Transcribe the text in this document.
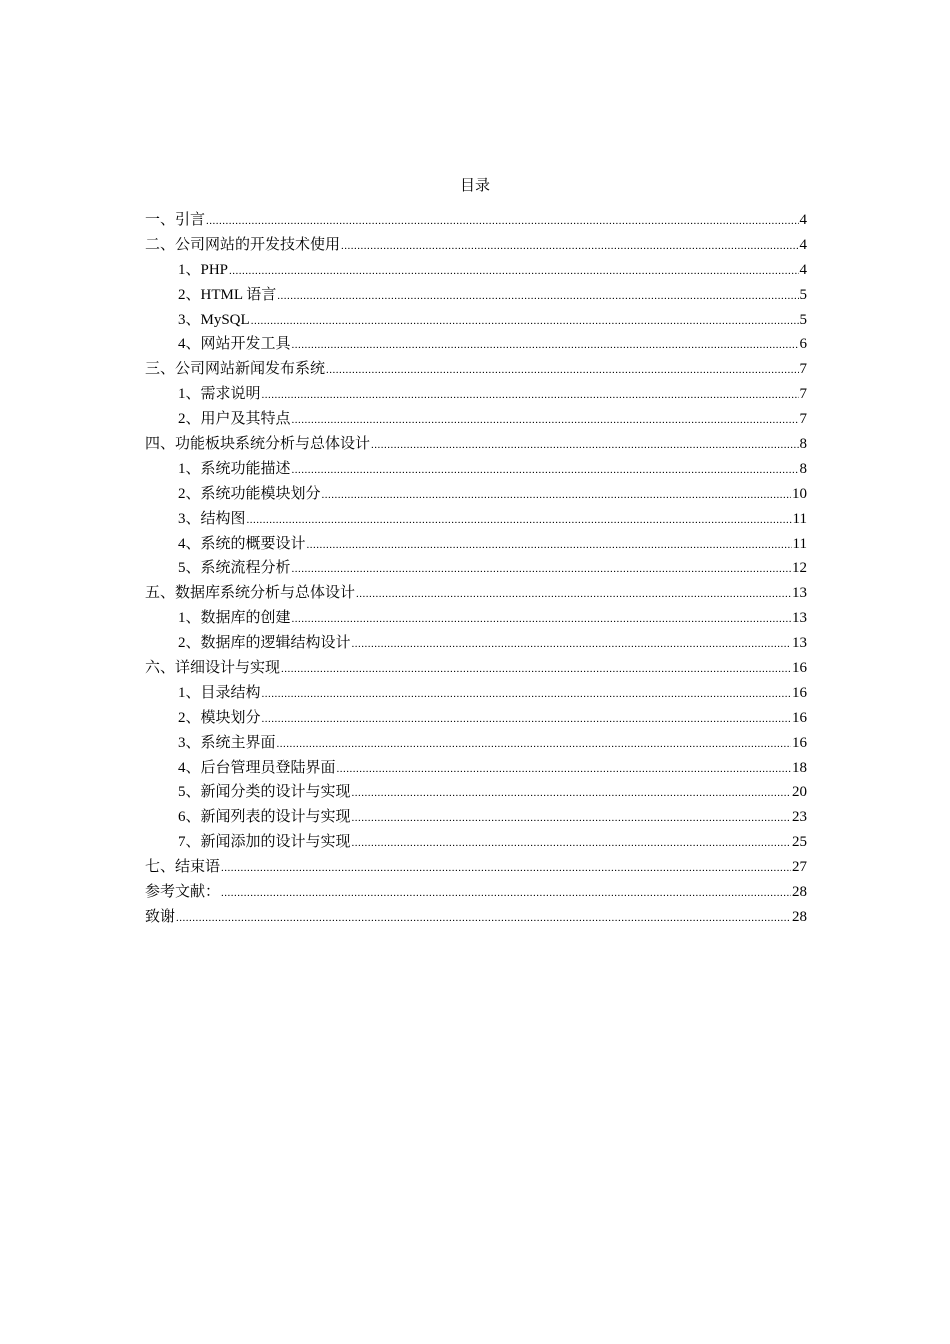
目录
一、引言 .....	4
二、公司网站的开发技术使用 .....	4
1、PHP .....	4
2、HTML 语言 .....	5
3、MySQL .....	5
4、网站开发工具 .....	6
三、公司网站新闻发布系统 .....	7
1、需求说明 .....	7
2、用户及其特点 .....	7
四、功能板块系统分析与总体设计 .....	8
1、系统功能描述 .....	8
2、系统功能模块划分 .....	10
3、结构图 .....	11
4、系统的概要设计 .....	11
5、系统流程分析 .....	12
五、数据库系统分析与总体设计 .....	13
1、数据库的创建 .....	13
2、数据库的逻辑结构设计 .....	13
六、详细设计与实现 .....	16
1、目录结构 .....	16
2、模块划分 .....	16
3、系统主界面 .....	16
4、后台管理员登陆界面 .....	18
5、新闻分类的设计与实现 .....	20
6、新闻列表的设计与实现 .....	23
7、新闻添加的设计与实现 .....	25
七、结束语 .....	27
参考文献： .....	28
致谢 .....	28
